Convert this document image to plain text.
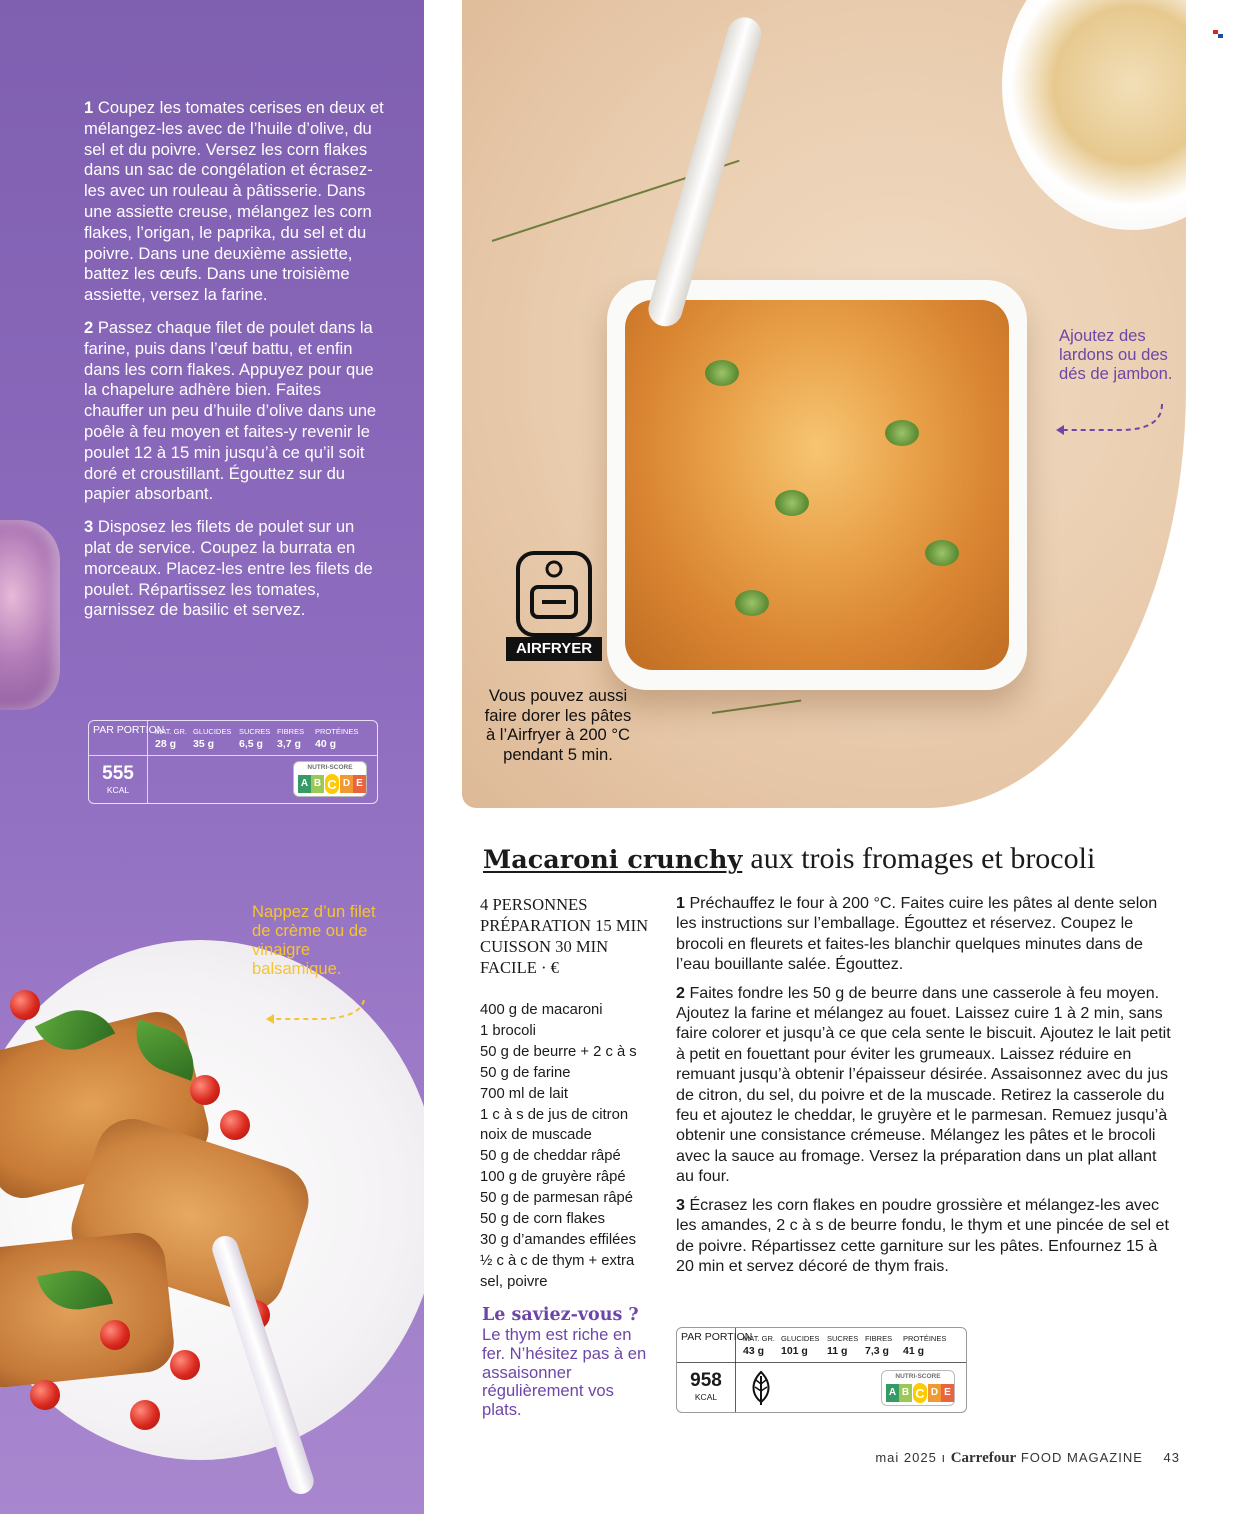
1 Coupez les tomates cerises en deux et mélangez-les avec de l’huile d’olive, du sel et du poivre. Versez les corn flakes dans un sac de congélation et écrasez-les avec un rouleau à pâtisserie. Dans une assiette creuse, mélangez les corn flakes, l’origan, le paprika, du sel et du poivre. Dans une deuxième assiette, battez les œufs. Dans une troisième assiette, versez la farine.

2 Passez chaque filet de poulet dans la farine, puis dans l’œuf battu, et enfin dans les corn flakes. Appuyez pour que la chapelure adhère bien. Faites chauffer un peu d’huile d’olive dans une poêle à feu moyen et faites-y revenir le poulet 12 à 15 min jusqu’à ce qu’il soit doré et croustillant. Égouttez sur du papier absorbant.

3 Disposez les filets de poulet sur un plat de service. Coupez la burrata en morceaux. Placez-les entre les filets de poulet. Répartissez les tomates, garnissez de basilic et servez.

PAR PORTION
555
KCAL
MAT. GR.
28 g
GLUCIDES
35 g
SUCRES
6,5 g
FIBRES
3,7 g
PROTÉINES
40 g
NUTRI-SCORE
A B C D E
Nappez d’un filet de crème ou de vinaigre balsamique.
AIRFRYER
Vous pouvez aussi faire dorer les pâtes à l’Airfryer à 200 °C pendant 5 min.
Ajoutez des lardons ou des dés de jambon.
Macaroni crunchy aux trois fromages et brocoli
4 PERSONNES
PRÉPARATION 15 MIN
CUISSON 30 MIN
FACILE · €
400 g de macaroni
1 brocoli
50 g de beurre + 2 c à s
50 g de farine
700 ml de lait
1 c à s de jus de citron
noix de muscade
50 g de cheddar râpé
100 g de gruyère râpé
50 g de parmesan râpé
50 g de corn flakes
30 g d’amandes effilées
½ c à c de thym + extra
sel, poivre
Le saviez-vous ?
Le thym est riche en fer. N’hésitez pas à en assaisonner régulièrement vos plats.

1 Préchauffez le four à 200 °C. Faites cuire les pâtes al dente selon les instructions sur l’emballage. Égouttez et réservez. Coupez le brocoli en fleurets et faites-les blanchir quelques minutes dans de l’eau bouillante salée. Égouttez.

2 Faites fondre les 50 g de beurre dans une casserole à feu moyen. Ajoutez la farine et mélangez au fouet. Laissez cuire 1 à 2 min, sans faire colorer et jusqu’à ce que cela sente le biscuit. Ajoutez le lait petit à petit en fouettant pour éviter les grumeaux. Laissez réduire en remuant jusqu’à obtenir l’épaisseur désirée. Assaisonnez avec du jus de citron, du sel, du poivre et de la muscade. Retirez la casserole du feu et ajoutez le cheddar, le gruyère et le parmesan. Remuez jusqu’à obtenir une consistance crémeuse. Mélangez les pâtes et le brocoli avec la sauce au fromage. Versez la préparation dans un plat allant au four.

3 Écrasez les corn flakes en poudre grossière et mélangez-les avec les amandes, 2 c à s de beurre fondu, le thym et une pincée de sel et de poivre. Répartissez cette garniture sur les pâtes. Enfournez 15 à 20 min et servez décoré de thym frais.

PAR PORTION
958
KCAL
MAT. GR.
43 g
GLUCIDES
101 g
SUCRES
11 g
FIBRES
7,3 g
PROTÉINES
41 g
NUTRI-SCORE
A B C D E
mai 2025 ı Carrefour FOOD MAGAZINE 43
